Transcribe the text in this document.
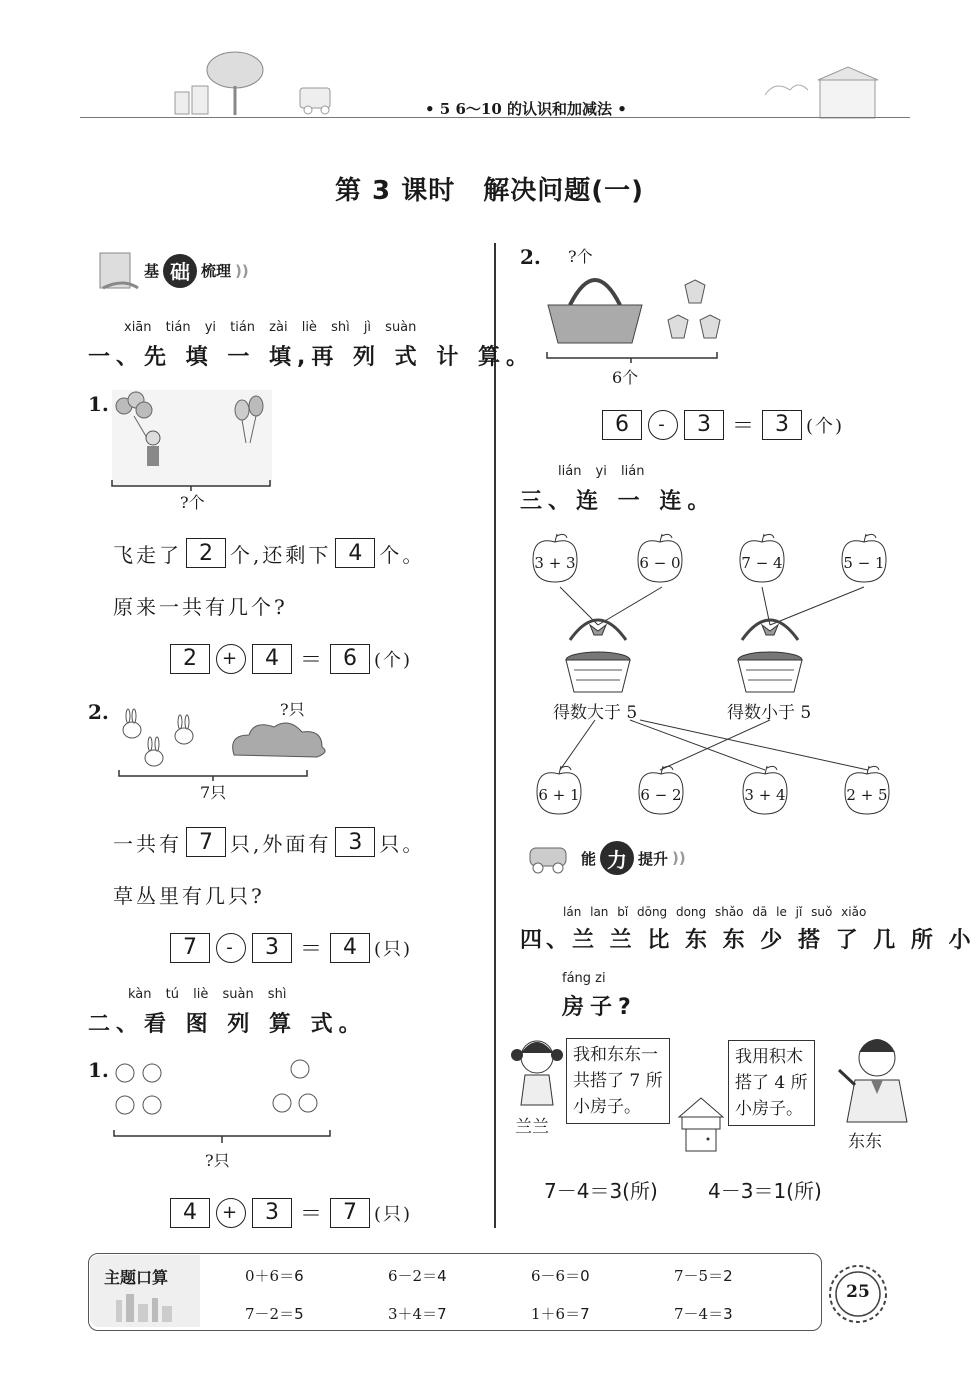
• 5 6～10 的认识和加减法 •
第 3 课时 解决问题(一)
基 础 梳理 ))
xiān tián yi tián zài liè shì jì suàn
一、先 填 一 填,再 列 式 计 算。
1.
?个
飞走了 2 个,还剩下 4 个。
原来一共有几个?
2	+	4 ＝ 6 (个)
2.	?只
7只
一共有 7 只,外面有 3 只。
草丛里有几只?
7	-	3 ＝ 4 (只)
kàn tú liè suàn shì
二、看 图 列 算 式。
1.
?只
4	+	3 ＝ 7 (只)
2. ?个
6个
6	-	3 ＝ 3 (个)
lián yi lián
三、连 一 连。
3 + 3	6 − 0	7 − 4	5 − 1
得数大于 5	得数小于 5
6 + 1	6 − 2	3 + 4	2 + 5
能 力 提升 ))
lán lan bǐ dōng dong shǎo dā le jǐ suǒ xiǎo
四、兰 兰 比 东 东 少 搭 了 几 所 小
fáng zi
房子?
兰兰
我和东东一
共搭了 7 所
小房子。
我用积木
搭了 4 所
小房子。
东东
7－4＝3(所)	4－3＝1(所)
主题口算	0＋6＝6	6－2＝4	6－6＝0	7－5＝2
7－2＝5	3＋4＝7	1＋6＝7	7－4＝3
25
